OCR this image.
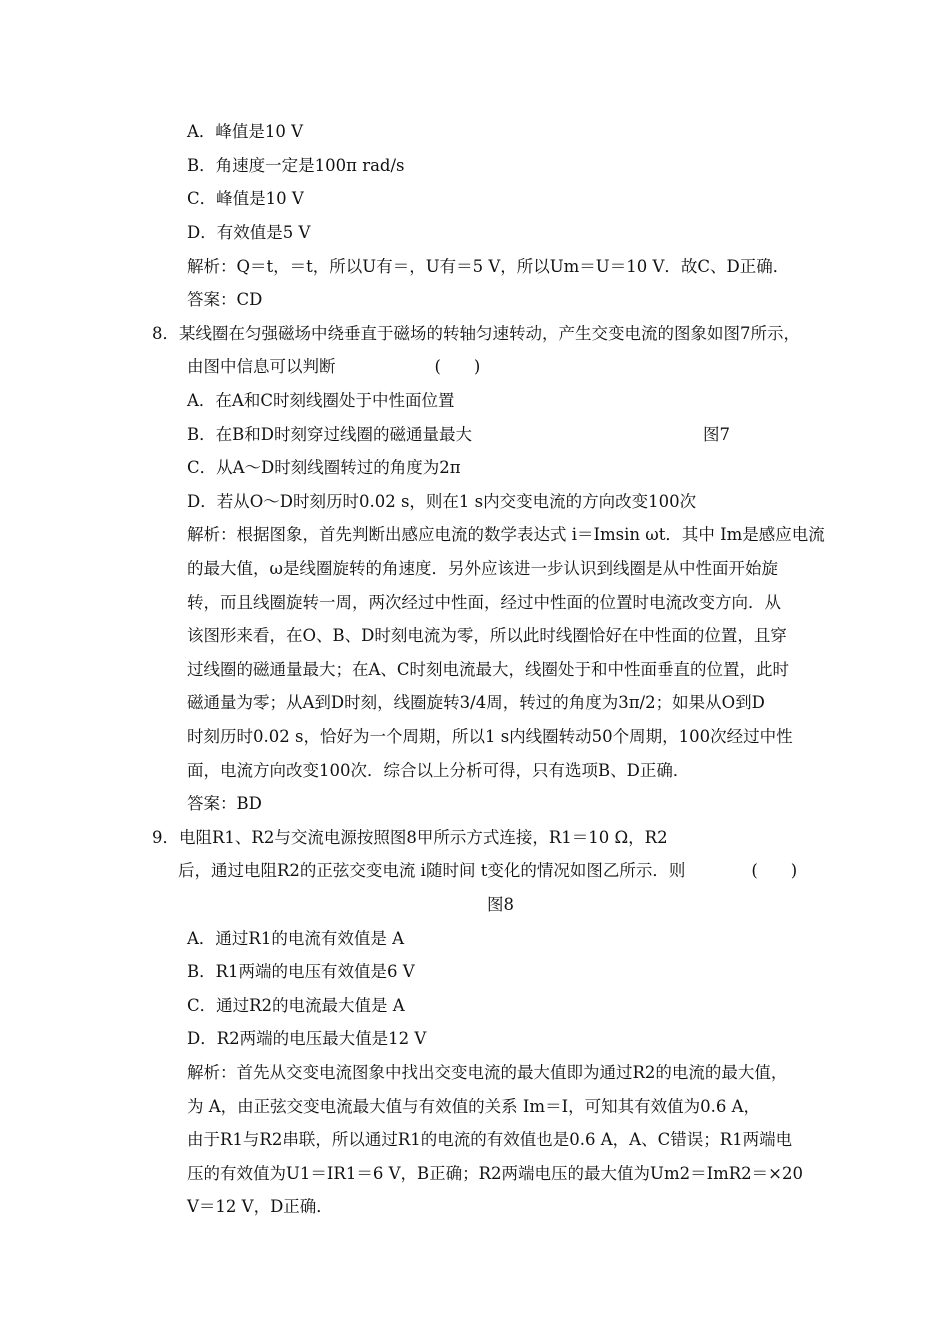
A．峰值是10 V
B．角速度一定是100π rad/s
C．峰值是10 V
D．有效值是5 V
解析：Q＝t，＝t，所以U有＝，U有＝5 V，所以Um＝U＝10 V．故C、D正确．
答案：CD
8．某线圈在匀强磁场中绕垂直于磁场的转轴匀速转动，产生交变电流的图象如图7所示，
由图中信息可以判断　　　　　　(　　)
A．在A和C时刻线圈处于中性面位置
B．在B和D时刻穿过线圈的磁通量最大	图7
C．从A～D时刻线圈转过的角度为2π
D．若从O～D时刻历时0.02 s，则在1 s内交变电流的方向改变100次
解析：根据图象，首先判断出感应电流的数学表达式 i＝Imsin ωt．其中 Im是感应电流
的最大值，ω是线圈旋转的角速度．另外应该进一步认识到线圈是从中性面开始旋
转，而且线圈旋转一周，两次经过中性面，经过中性面的位置时电流改变方向．从
该图形来看，在O、B、D时刻电流为零，所以此时线圈恰好在中性面的位置，且穿
过线圈的磁通量最大；在A、C时刻电流最大，线圈处于和中性面垂直的位置，此时
磁通量为零；从A到D时刻，线圈旋转3/4周，转过的角度为3π/2；如果从O到D
时刻历时0.02 s，恰好为一个周期，所以1 s内线圈转动50个周期，100次经过中性
面，电流方向改变100次．综合以上分析可得，只有选项B、D正确．
答案：BD
9．电阻R1、R2与交流电源按照图8甲所示方式连接，R1＝10 Ω，R2
后，通过电阻R2的正弦交变电流 i随时间 t变化的情况如图乙所示．则　　　　(　　)
图8
A．通过R1的电流有效值是 A
B．R1两端的电压有效值是6 V
C．通过R2的电流最大值是 A
D．R2两端的电压最大值是12 V
解析：首先从交变电流图象中找出交变电流的最大值即为通过R2的电流的最大值，
为 A，由正弦交变电流最大值与有效值的关系 Im＝I，可知其有效值为0.6 A，
由于R1与R2串联，所以通过R1的电流的有效值也是0.6 A，A、C错误；R1两端电
压的有效值为U1＝IR1＝6 V，B正确；R2两端电压的最大值为Um2＝ImR2＝×20
V＝12 V，D正确．
